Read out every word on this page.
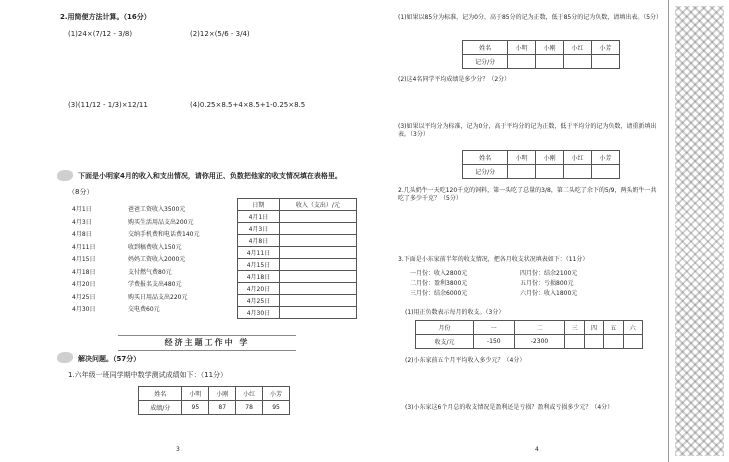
2.用简便方法计算。（16分）
(1)24×(7/12 - 3/8)	(2)12×(5/6 - 3/4)
(3)(11/12 - 1/3)×12/11	(4)0.25×8.5+4×8.5+1-0.25×8.5
下面是小明家4月的收入和支出情况，请你用正、负数把他家的收支情况填在表格里。
（8分）
4月1日	爸爸工资收入3500元
4月3日	购买生活用品支出200元
4月8日	交纳手机费和电话费140元
4月11日	收到稿费收入150元
4月15日	妈妈工资收入2000元
4月18日	支付燃气费80元
4月20日	学费报名支出480元
4月25日	购买日用品支出220元
4月30日	交电费60元
日期	收入（支出）/元
4月1日	
4月3日	
4月8日	
4月11日	
4月15日	
4月18日	
4月20日	
4月25日	
4月30日	
经济主题工作中 学
解决问题。（57分）
1.六年级一班同学期中数学测试成绩如下：（11分）
姓名	小明	小刚	小红	小芳
成绩/分	95	87	78	95
3
(1)如果以85分为标准，记为0分，高于85分的记为正数，低于85分的记为负数，请填出表。（5分）
姓名	小明	小刚	小红	小芳
记分/分				
(2)这4名同学平均成绩是多少分？（2分）
(3)如果以平均分为标准，记为0分，高于平均分的记为正数，低于平均分的记为负数，请重新填出表。（3分）
姓名	小明	小刚	小红	小芳
记分/分				
2.几头奶牛一天吃120千克的饲料，第一头吃了总量的3/8，第二头吃了余下的5/9，两头奶牛一共吃了多少千克？（5分）
3.下面是小东家前半年的收支情况，把各月收支状况填表如下：（11分）
一月份：收入2800元	四月份：结余2100元
二月份：盈利3800元	五月份：亏损800元
三月份：结余6000元	六月份：收入1800元
(1)用正负数表示每月的收支。（3分）
月份	一	二	三	四	五	六
收支/元	-150	-2300				
(2)小东家前五个月平均收入多少元？（4分）
(3)小东家这6个月总的收支情况是盈利还是亏损？盈利或亏损多少元？（4分）
4
